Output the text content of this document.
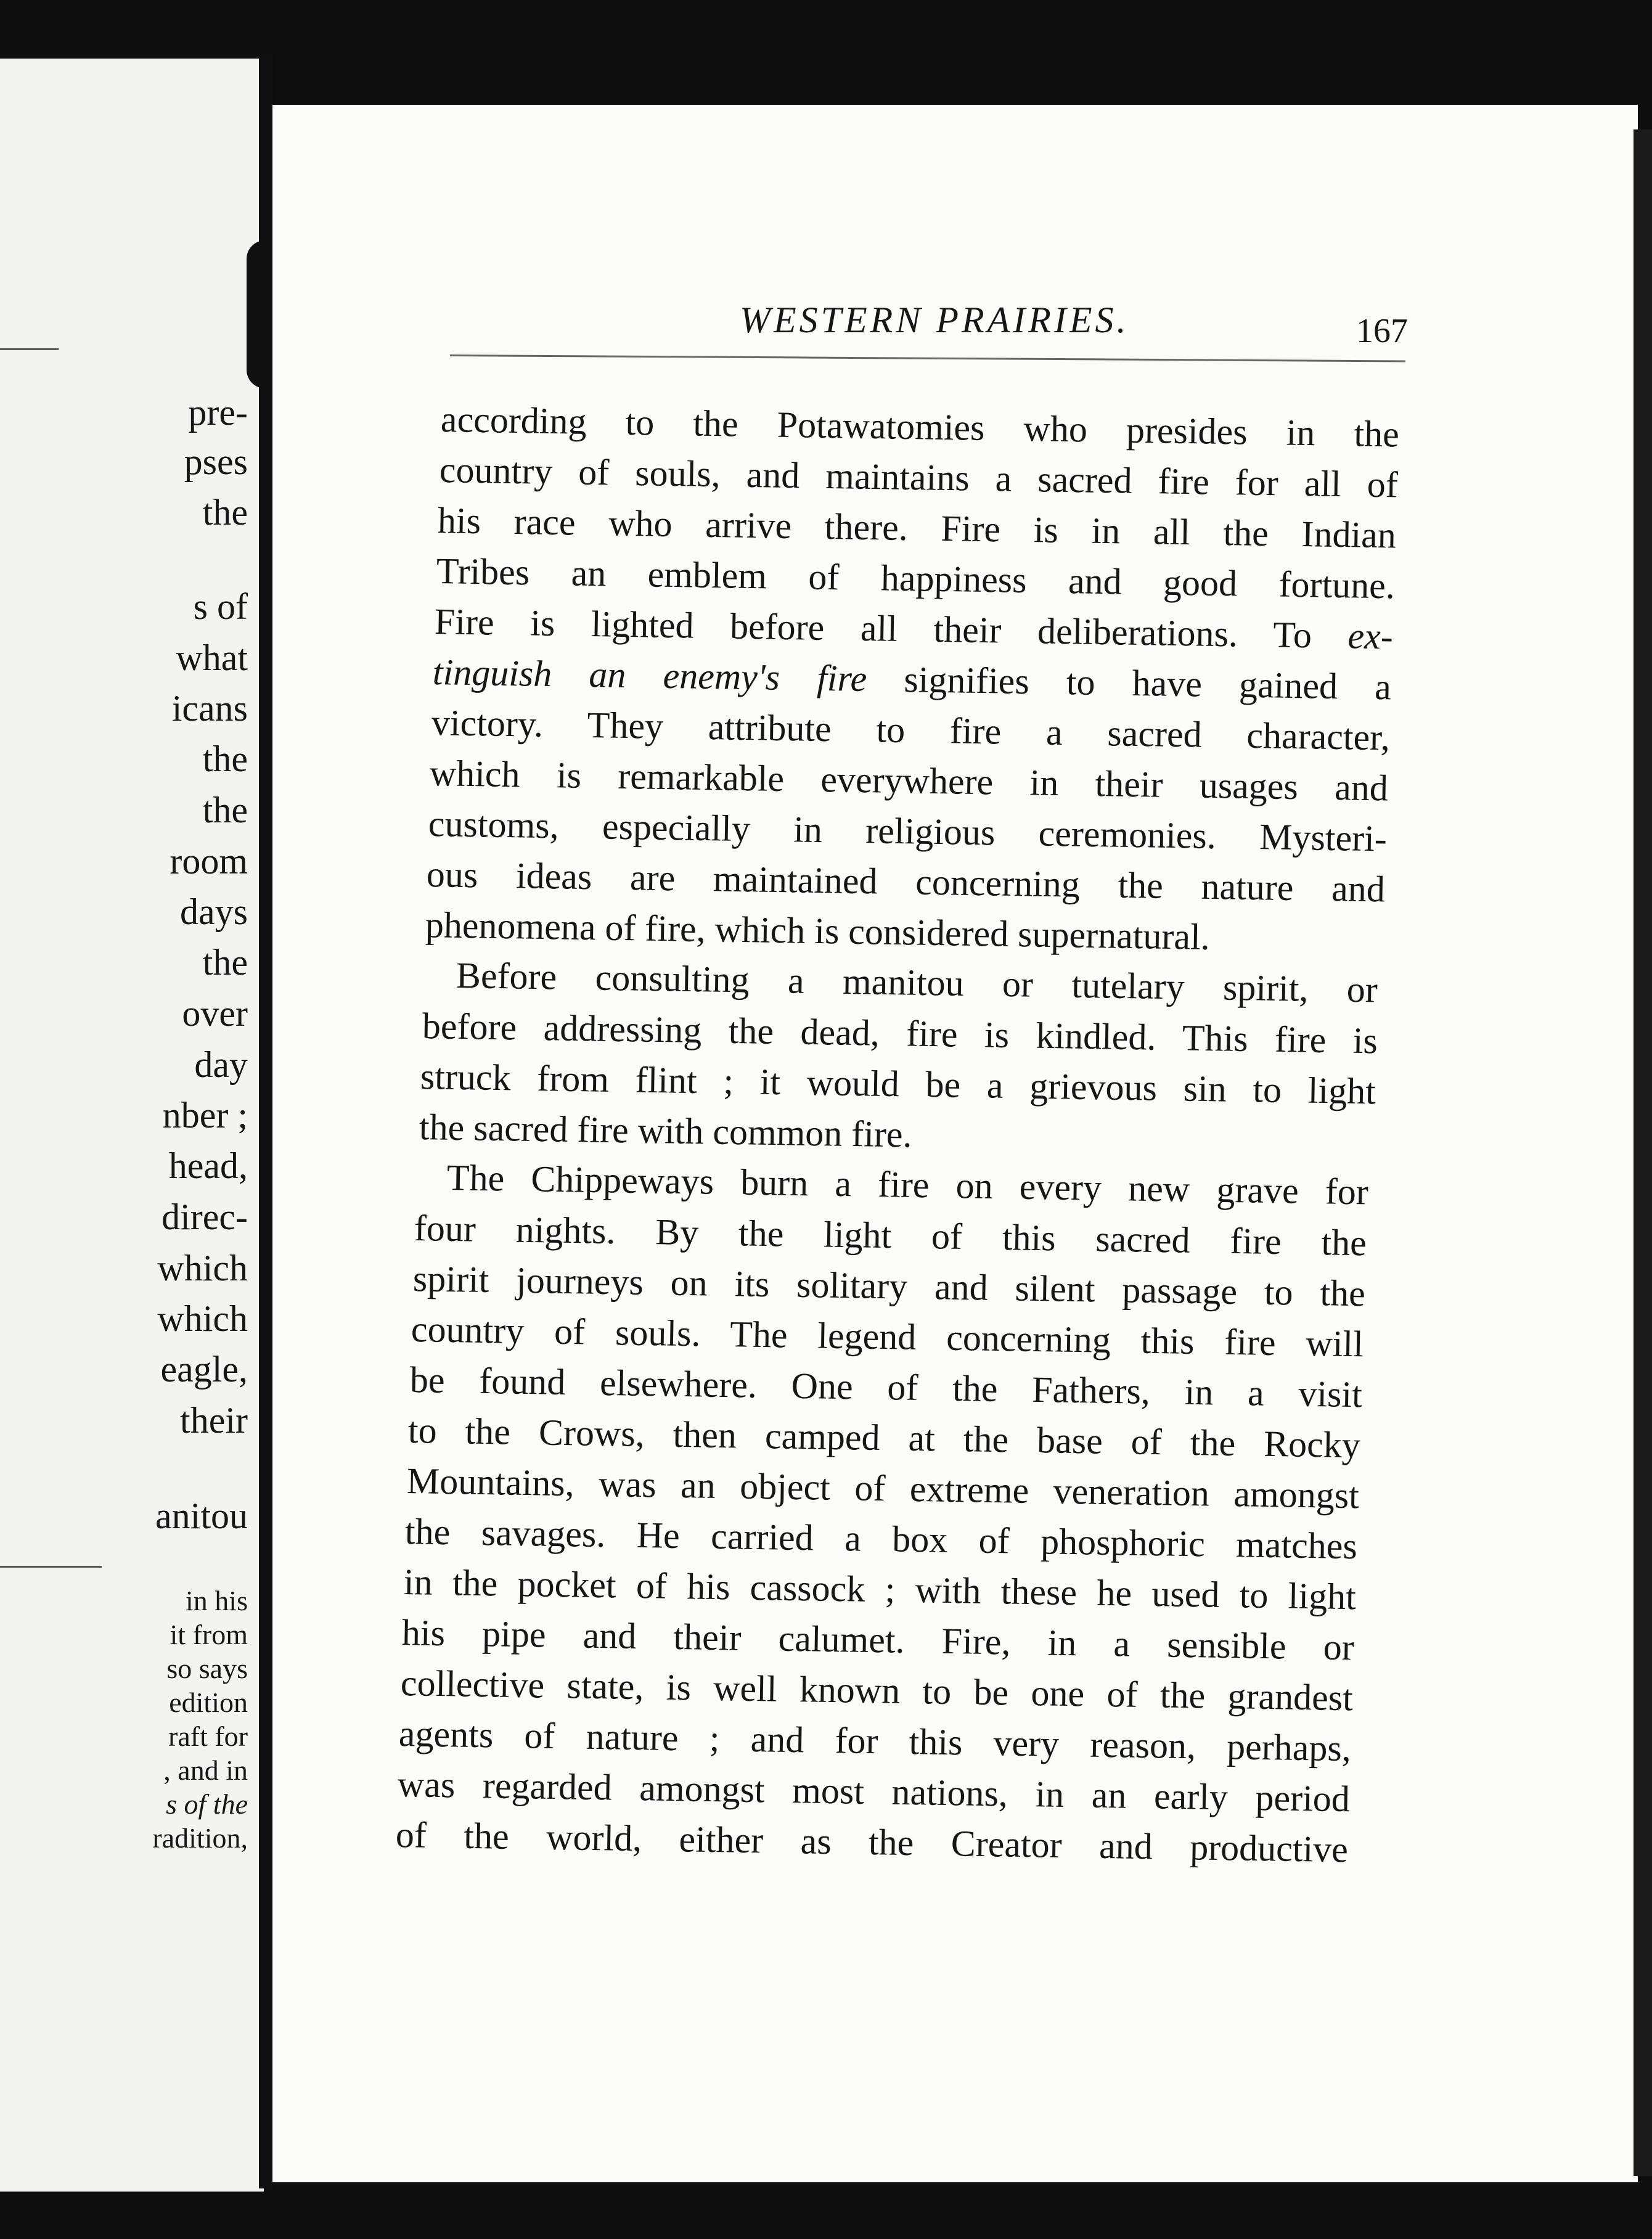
pre-
pses
the
s of
what
icans
the
the
room
days
the
over
day
nber ;
head,
direc-
which
which
eagle,
their
anitou
in his
it from
so says
edition
raft for
, and in
s of the
radition,
WESTERN PRAIRIES.	167
according to the Potawatomies who presides in the
country of souls, and maintains a sacred fire for all of
his race who arrive there. Fire is in all the Indian
Tribes an emblem of happiness and good fortune.
Fire is lighted before all their deliberations. To ex-
tinguish an enemy's fire signifies to have gained a
victory. They attribute to fire a sacred character,
which is remarkable everywhere in their usages and
customs, especially in religious ceremonies. Mysteri-
ous ideas are maintained concerning the nature and
phenomena of fire, which is considered supernatural.
Before consulting a manitou or tutelary spirit, or
before addressing the dead, fire is kindled. This fire is
struck from flint ; it would be a grievous sin to light
the sacred fire with common fire.
The Chippeways burn a fire on every new grave for
four nights. By the light of this sacred fire the
spirit journeys on its solitary and silent passage to the
country of souls. The legend concerning this fire will
be found elsewhere. One of the Fathers, in a visit
to the Crows, then camped at the base of the Rocky
Mountains, was an object of extreme veneration amongst
the savages. He carried a box of phosphoric matches
in the pocket of his cassock ; with these he used to light
his pipe and their calumet. Fire, in a sensible or
collective state, is well known to be one of the grandest
agents of nature ; and for this very reason, perhaps,
was regarded amongst most nations, in an early period
of the world, either as the Creator and productive
